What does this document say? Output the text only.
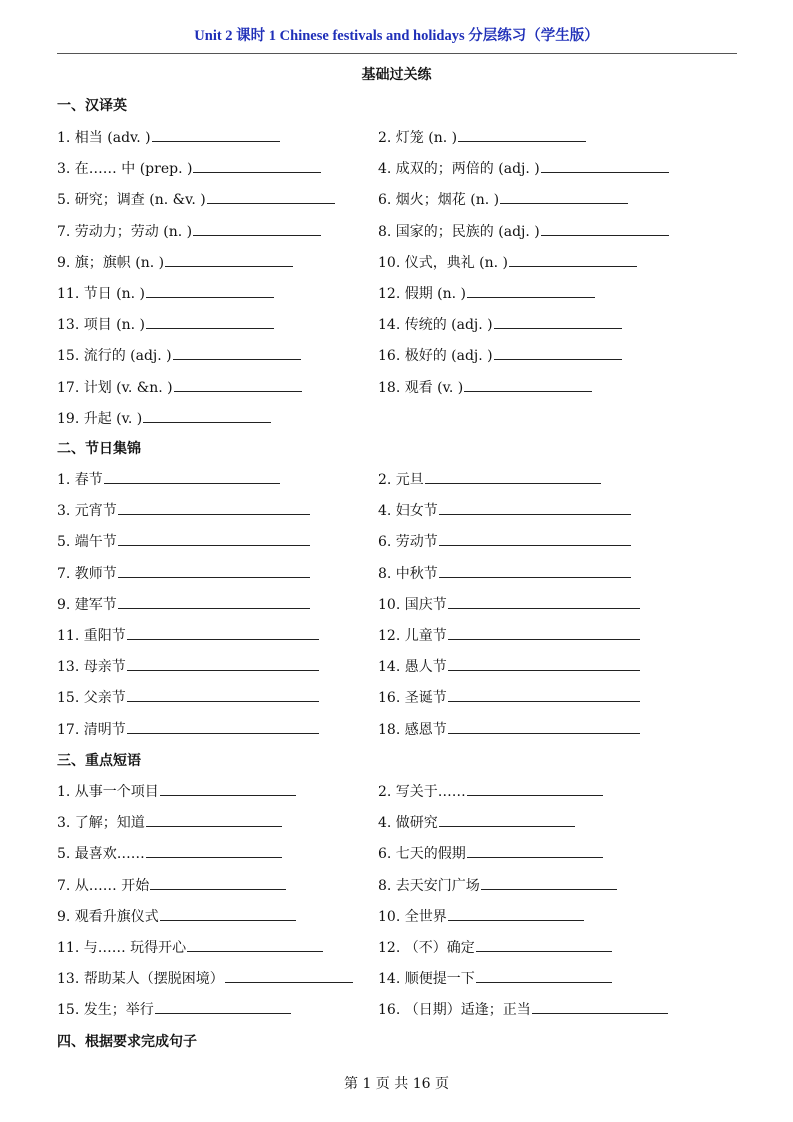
Unit 2 课时 1 Chinese festivals and holidays 分层练习（学生版）
基础过关练
一、汉译英
1. 相当 (adv. )	2. 灯笼 (n. )
3. 在…… 中 (prep. )	4. 成双的；两倍的 (adj. )
5. 研究；调查 (n. &v. )	6. 烟火；烟花 (n. )
7. 劳动力；劳动 (n. )	8. 国家的；民族的 (adj. )
9. 旗；旗帜 (n. )	10. 仪式，典礼 (n. )
11. 节日 (n. )	12. 假期 (n. )
13. 项目 (n. )	14. 传统的 (adj. )
15. 流行的 (adj. )	16. 极好的 (adj. )
17. 计划 (v. &n. )	18. 观看 (v. )
19. 升起 (v. )
二、节日集锦
1. 春节	2. 元旦
3. 元宵节	4. 妇女节
5. 端午节	6. 劳动节
7. 教师节	8. 中秋节
9. 建军节	10. 国庆节
11. 重阳节	12. 儿童节
13. 母亲节	14. 愚人节
15. 父亲节	16. 圣诞节
17. 清明节	18. 感恩节
三、重点短语
1. 从事一个项目	2. 写关于……
3. 了解；知道	4. 做研究
5. 最喜欢……	6. 七天的假期
7. 从…… 开始	8. 去天安门广场
9. 观看升旗仪式	10. 全世界
11. 与…… 玩得开心	12. （不）确定
13. 帮助某人（摆脱困境）	14. 顺便提一下
15. 发生；举行	16. （日期）适逢；正当
四、根据要求完成句子
第 1 页 共 16 页
